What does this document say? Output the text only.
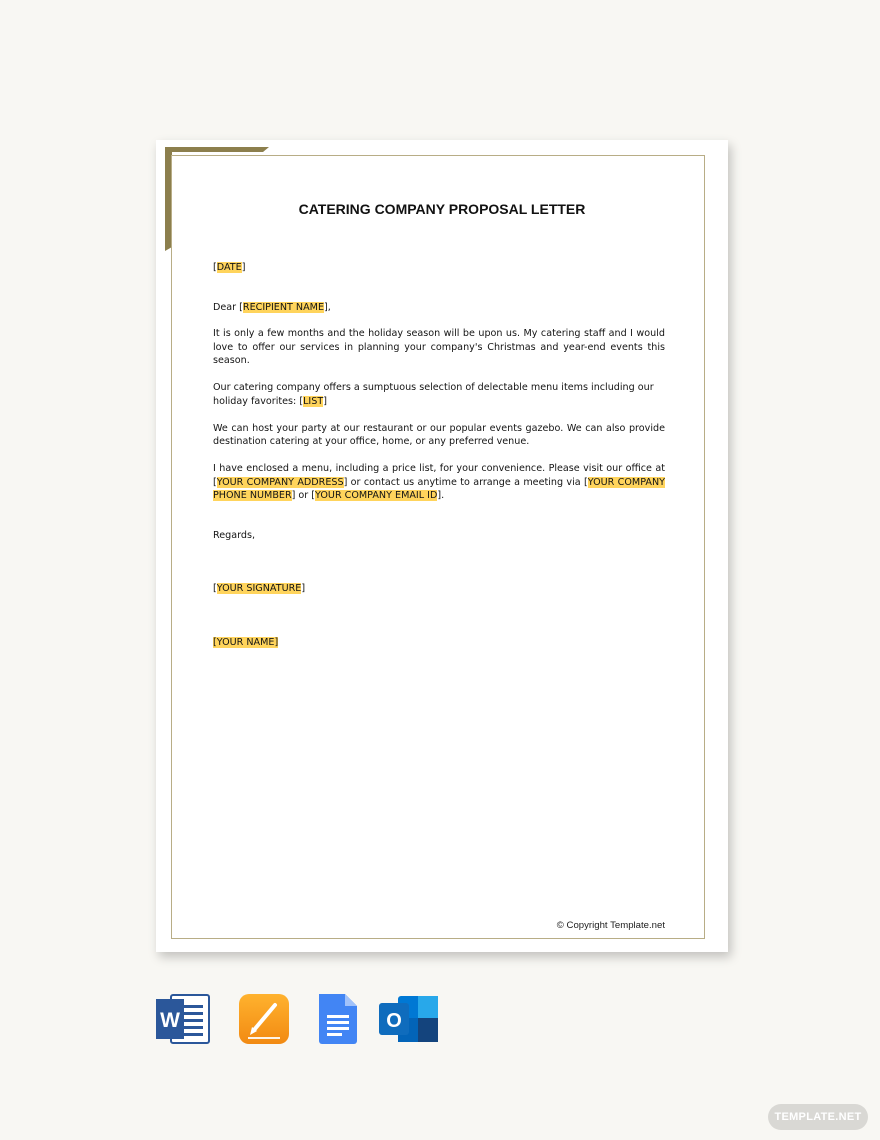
CATERING COMPANY PROPOSAL LETTER

[DATE]

Dear [RECIPIENT NAME],

It is only a few months and the holiday season will be upon us. My catering staff and I would love to offer our services in planning your company's Christmas and year-end events this season.

Our catering company offers a sumptuous selection of delectable menu items including our holiday favorites: [LIST]

We can host your party at our restaurant or our popular events gazebo. We can also provide destination catering at your office, home, or any preferred venue.

I have enclosed a menu, including a price list, for your convenience. Please visit our office at [YOUR COMPANY ADDRESS] or contact us anytime to arrange a meeting via [YOUR COMPANY PHONE NUMBER] or [YOUR COMPANY EMAIL ID].

Regards,

[YOUR SIGNATURE]

[YOUR NAME]

© Copyright Template.net
W	O
TEMPLATE.NET
